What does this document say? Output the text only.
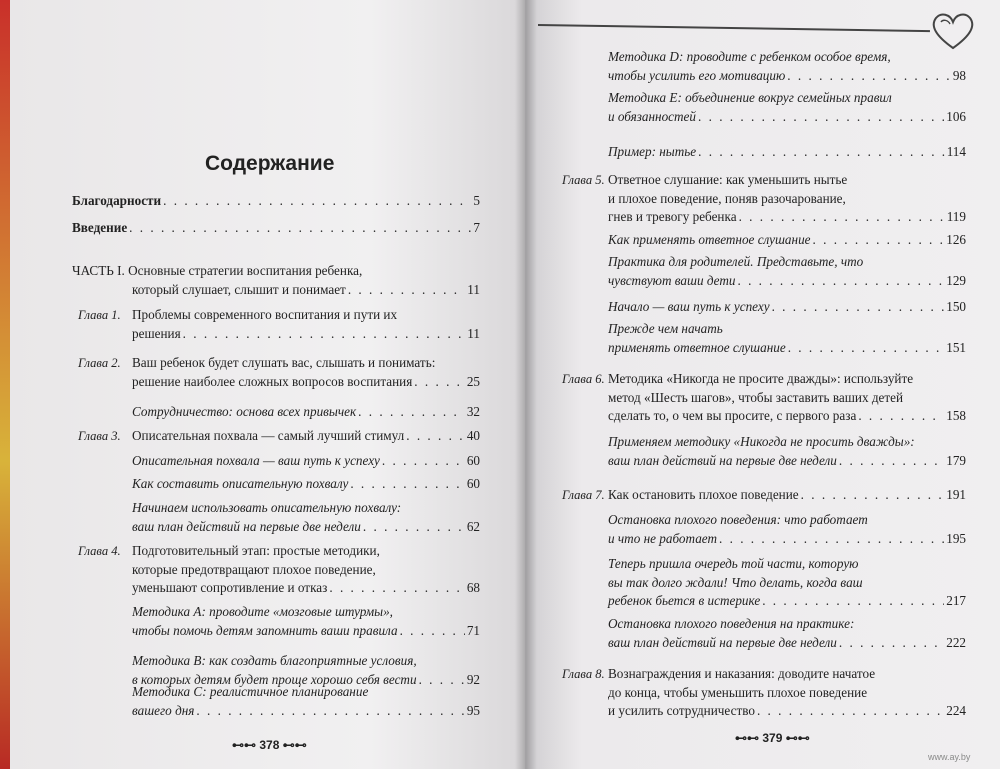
Содержание
Благодарности . . .	5
Введение . . .	7
ЧАСТЬ I. Основные стратегии воспитания ребенка,
который слушает, слышит и понимает . . .	11
Глава 1. Проблемы современного воспитания и пути их
решения . . .	11
Глава 2. Ваш ребенок будет слушать вас, слышать и понимать:
решение наиболее сложных вопросов воспитания . . .	25
Сотрудничество: основа всех привычек . . .	32
Глава 3. Описательная похвала — самый лучший стимул . . .	40
Описательная похвала — ваш путь к успеху . . .	60
Как составить описательную похвалу . . .	60
Начинаем использовать описательную похвалу:
ваш план действий на первые две недели . . .	62
Глава 4. Подготовительный этап: простые методики,
которые предотвращают плохое поведение,
уменьшают сопротивление и отказ . . .	68
Методика А: проводите «мозговые штурмы»,
чтобы помочь детям запомнить ваши правила . . .	71
Методика В: как создать благоприятные условия,
в которых детям будет проще хорошо себя вести . . .	92
Методика С: реалистичное планирование
вашего дня . . .	95
Методика D: проводите с ребенком особое время,
чтобы усилить его мотивацию . . .	98
Методика Е: объединение вокруг семейных правил
и обязанностей . . .	106
Пример: нытье . . .	114
Глава 5. Ответное слушание: как уменьшить нытье
и плохое поведение, поняв разочарование,
гнев и тревогу ребенка . . .	119
Как применять ответное слушание . . .	126
Практика для родителей. Представьте, что
чувствуют ваши дети . . .	129
Начало — ваш путь к успеху . . .	150
Прежде чем начать
применять ответное слушание . . .	151
Глава 6. Методика «Никогда не просите дважды»: используйте
метод «Шесть шагов», чтобы заставить ваших детей
сделать то, о чем вы просите, с первого раза . . .	158
Применяем методику «Никогда не просить дважды»:
ваш план действий на первые две недели . . .	179
Глава 7. Как остановить плохое поведение . . .	191
Остановка плохого поведения: что работает
и что не работает . . .	195
Теперь пришла очередь той части, которую
вы так долго ждали! Что делать, когда ваш
ребенок бьется в истерике . . .	217
Остановка плохого поведения на практике:
ваш план действий на первые две недели . . .	222
Глава 8. Вознаграждения и наказания: доводите начатое
до конца, чтобы уменьшить плохое поведение
и усилить сотрудничество . . .	224
⊷⊷ 378 ⊷⊷	⊷⊷ 379 ⊷⊷
www.ay.by
